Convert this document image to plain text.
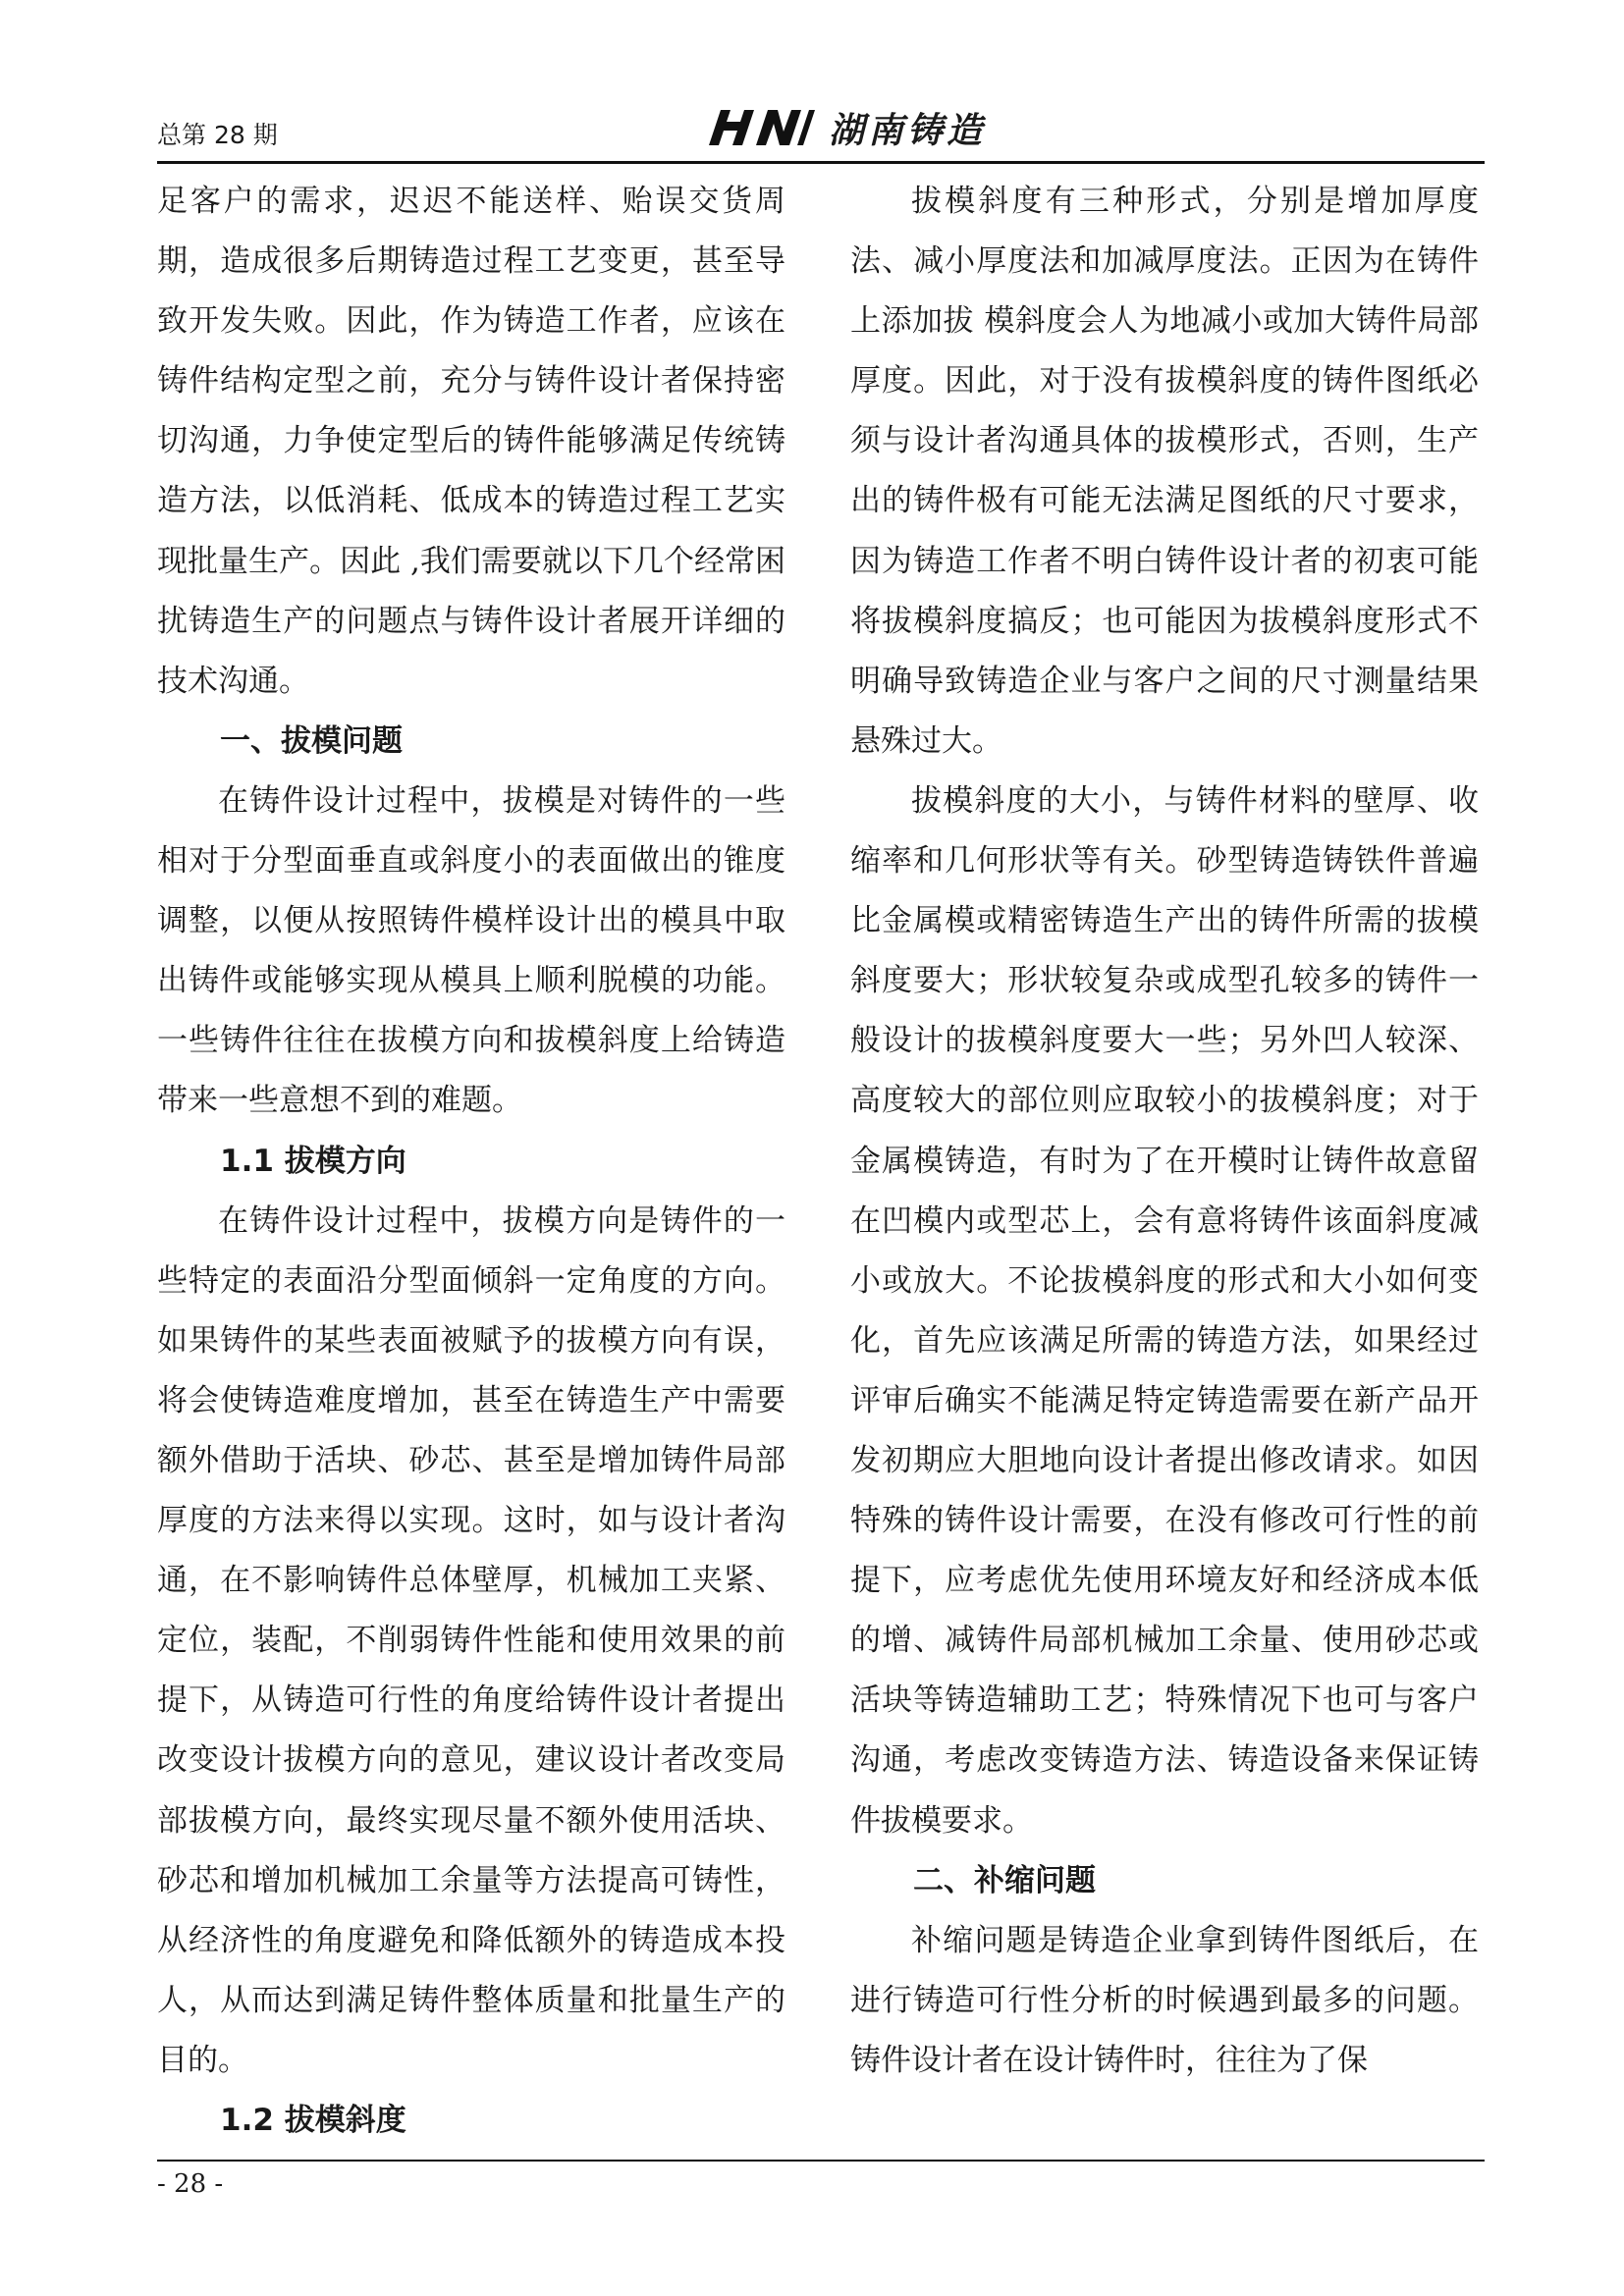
总第 28 期	湖南铸造

足客户的需求，迟迟不能送样、贻误交货周期，造成很多后期铸造过程工艺变更，甚至导致开发失败。因此，作为铸造工作者，应该在铸件结构定型之前，充分与铸件设计者保持密切沟通，力争使定型后的铸件能够满足传统铸造方法，以低消耗、低成本的铸造过程工艺实现批量生产。因此 ,我们需要就以下几个经常困扰铸造生产的问题点与铸件设计者展开详细的技术沟通。

一、拔模问题

在铸件设计过程中，拔模是对铸件的一些相对于分型面垂直或斜度小的表面做出的锥度调整，以便从按照铸件模样设计出的模具中取出铸件或能够实现从模具上顺利脱模的功能。一些铸件往往在拔模方向和拔模斜度上给铸造带来一些意想不到的难题。

1.1 拔模方向

在铸件设计过程中，拔模方向是铸件的一些特定的表面沿分型面倾斜一定角度的方向。如果铸件的某些表面被赋予的拔模方向有误，将会使铸造难度增加，甚至在铸造生产中需要额外借助于活块、砂芯、甚至是增加铸件局部厚度的方法来得以实现。这时，如与设计者沟通，在不影响铸件总体壁厚，机械加工夹紧、定位，装配，不削弱铸件性能和使用效果的前提下，从铸造可行性的角度给铸件设计者提出改变设计拔模方向的意见，建议设计者改变局部拔模方向，最终实现尽量不额外使用活块、砂芯和增加机械加工余量等方法提高可铸性，从经济性的角度避免和降低额外的铸造成本投人，从而达到满足铸件整体质量和批量生产的目的。

1.2 拔模斜度

拔模斜度有三种形式，分别是增加厚度法、减小厚度法和加减厚度法。正因为在铸件上添加拔 模斜度会人为地减小或加大铸件局部厚度。因此，对于没有拔模斜度的铸件图纸必须与设计者沟通具体的拔模形式，否则，生产出的铸件极有可能无法满足图纸的尺寸要求，因为铸造工作者不明白铸件设计者的初衷可能将拔模斜度搞反；也可能因为拔模斜度形式不明确导致铸造企业与客户之间的尺寸测量结果悬殊过大。

拔模斜度的大小，与铸件材料的壁厚、收缩率和几何形状等有关。砂型铸造铸铁件普遍比金属模或精密铸造生产出的铸件所需的拔模斜度要大；形状较复杂或成型孔较多的铸件一般设计的拔模斜度要大一些；另外凹人较深、高度较大的部位则应取较小的拔模斜度；对于金属模铸造，有时为了在开模时让铸件故意留在凹模内或型芯上，会有意将铸件该面斜度减小或放大。不论拔模斜度的形式和大小如何变化，首先应该满足所需的铸造方法，如果经过评审后确实不能满足特定铸造需要在新产品开发初期应大胆地向设计者提出修改请求。如因特殊的铸件设计需要，在没有修改可行性的前提下，应考虑优先使用环境友好和经济成本低的增、减铸件局部机械加工余量、使用砂芯或活块等铸造辅助工艺；特殊情况下也可与客户沟通，考虑改变铸造方法、铸造设备来保证铸件拔模要求。

二、补缩问题

补缩问题是铸造企业拿到铸件图纸后，在进行铸造可行性分析的时候遇到最多的问题。铸件设计者在设计铸件时，往往为了保

- 28 -
